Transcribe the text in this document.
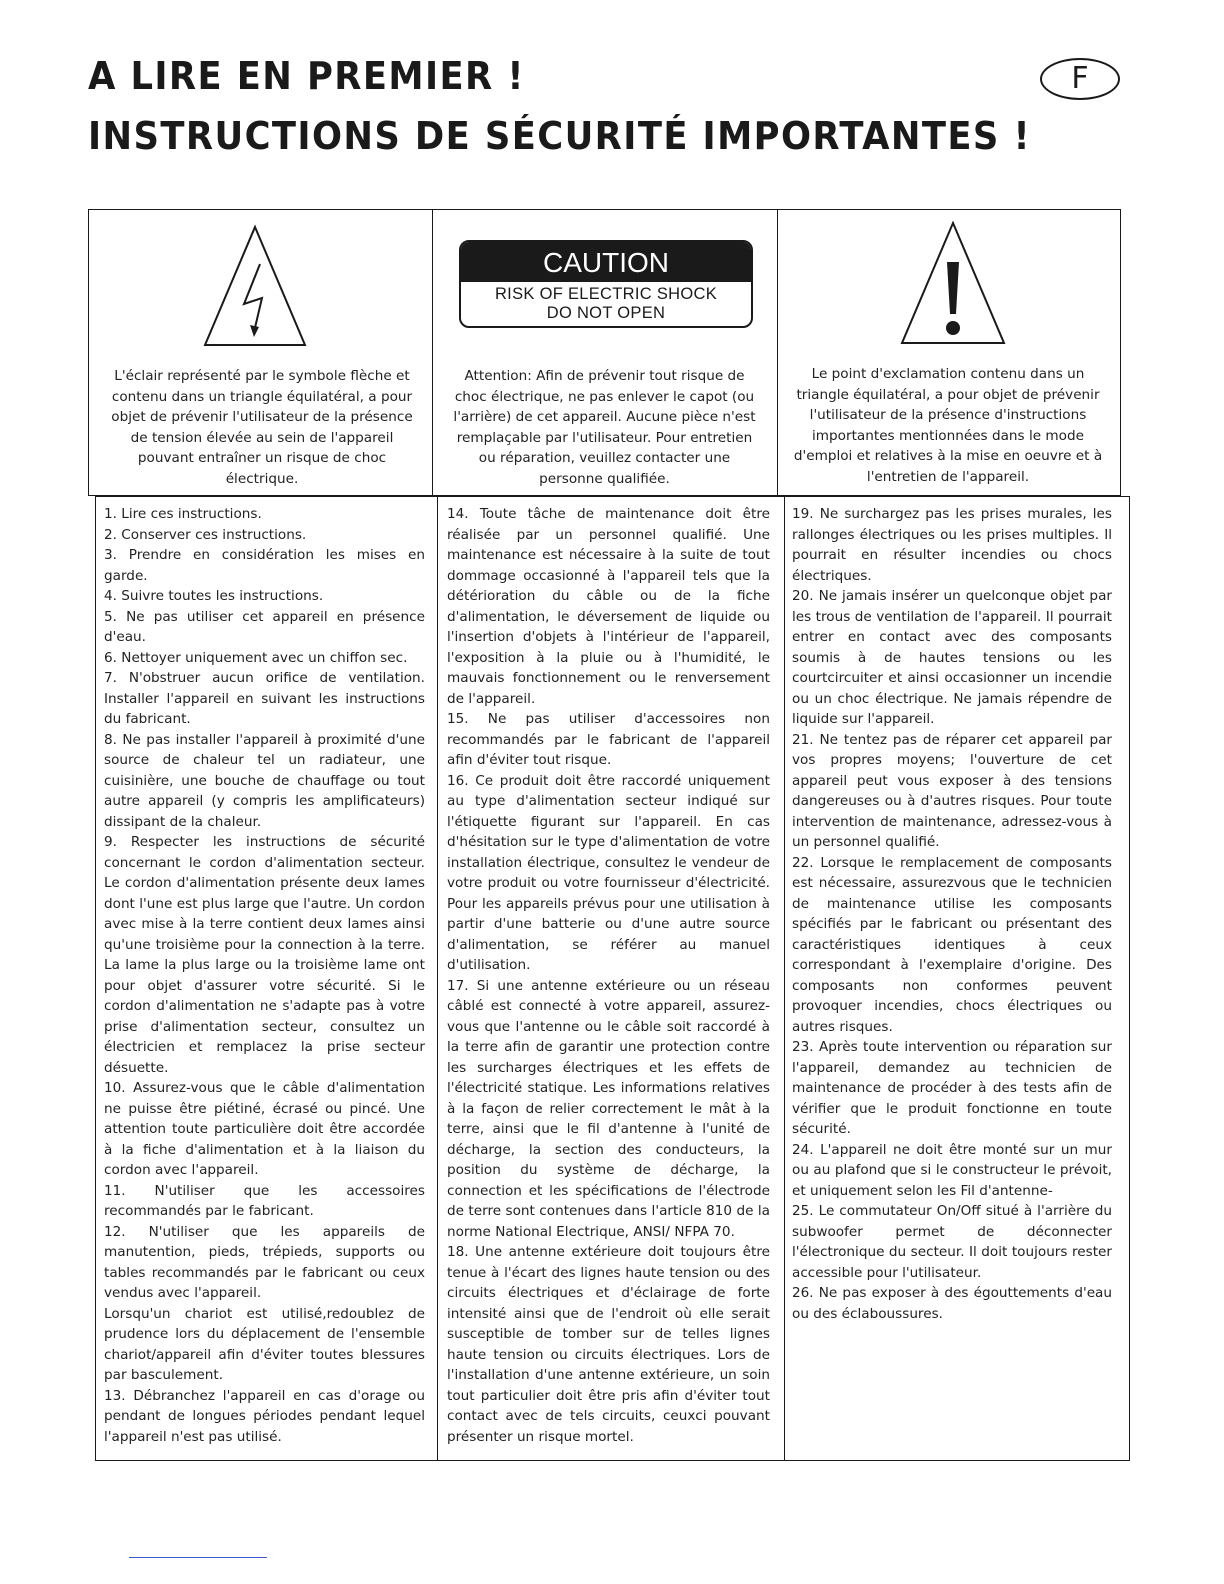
A LIRE EN PREMIER !
INSTRUCTIONS DE SÉCURITÉ IMPORTANTES !
F
L'éclair représenté par le symbole flèche et contenu dans un triangle équilatéral, a pour objet de prévenir l'utilisateur de la présence de tension élevée au sein de l'appareil pouvant entraîner un risque de choc électrique.
CAUTION
RISK OF ELECTRIC SHOCK
DO NOT OPEN
Attention: Afin de prévenir tout risque de choc électrique, ne pas enlever le capot (ou l'arrière) de cet appareil. Aucune pièce n'est remplaçable par l'utilisateur. Pour entretien ou réparation, veuillez contacter une personne qualifiée.
Le point d'exclamation contenu dans un triangle équilatéral, a pour objet de prévenir l'utilisateur de la présence d'instructions importantes mentionnées dans le mode d'emploi et relatives à la mise en oeuvre et à l'entretien de l'appareil.

1. Lire ces instructions.

2. Conserver ces instructions.

3. Prendre en considération les mises en garde.

4. Suivre toutes les instructions.

5. Ne pas utiliser cet appareil en présence d'eau.

6. Nettoyer uniquement avec un chiffon sec.

7. N'obstruer aucun orifice de ventilation. Installer l'appareil en suivant les instructions du fabricant.

8. Ne pas installer l'appareil à proximité d'une source de chaleur tel un radiateur, une cuisinière, une bouche de chauffage ou tout autre appareil (y compris les amplificateurs) dissipant de la chaleur.

9. Respecter les instructions de sécurité concernant le cordon d'alimentation secteur. Le cordon d'alimentation présente deux lames dont l'une est plus large que l'autre. Un cordon avec mise à la terre contient deux lames ainsi qu'une troisième pour la connection à la terre. La lame la plus large ou la troisième lame ont pour objet d'assurer votre sécurité. Si le cordon d'alimentation ne s'adapte pas à votre prise d'alimentation secteur, consultez un électricien et remplacez la prise secteur désuette.

10. Assurez-vous que le câble d'alimentation ne puisse être piétiné, écrasé ou pincé. Une attention toute particulière doit être accordée à la fiche d'alimentation et à la liaison du cordon avec l'appareil.

11. N'utiliser que les accessoires recommandés par le fabricant.

12. N'utiliser que les appareils de manutention, pieds, trépieds, supports ou tables recommandés par le fabricant ou ceux vendus avec l'appareil.

Lorsqu'un chariot est utilisé,redoublez de prudence lors du déplacement de l'ensemble chariot/appareil afin d'éviter toutes blessures par basculement.

13. Débranchez l'appareil en cas d'orage ou pendant de longues périodes pendant lequel l'appareil n'est pas utilisé.

14. Toute tâche de maintenance doit être réalisée par un personnel qualifié. Une maintenance est nécessaire à la suite de tout dommage occasionné à l'appareil tels que la détérioration du câble ou de la fiche d'alimentation, le déversement de liquide ou l'insertion d'objets à l'intérieur de l'appareil, l'exposition à la pluie ou à l'humidité, le mauvais fonctionnement ou le renversement de l'appareil.

15. Ne pas utiliser d'accessoires non recommandés par le fabricant de l'appareil afin d'éviter tout risque.

16. Ce produit doit être raccordé uniquement au type d'alimentation secteur indiqué sur l'étiquette figurant sur l'appareil. En cas d'hésitation sur le type d'alimentation de votre installation électrique, consultez le vendeur de votre produit ou votre fournisseur d'électricité. Pour les appareils prévus pour une utilisation à partir d'une batterie ou d'une autre source d'alimentation, se référer au manuel d'utilisation.

17. Si une antenne extérieure ou un réseau câblé est connecté à votre appareil, assurez-vous que l'antenne ou le câble soit raccordé à la terre afin de garantir une protection contre les surcharges électriques et les effets de l'électricité statique. Les informations relatives à la façon de relier correctement le mât à la terre, ainsi que le fil d'antenne à l'unité de décharge, la section des conducteurs, la position du système de décharge, la connection et les spécifications de l'électrode de terre sont contenues dans l'article 810 de la norme National Electrique, ANSI/ NFPA 70.

18. Une antenne extérieure doit toujours être tenue à l'écart des lignes haute tension ou des circuits électriques et d'éclairage de forte intensité ainsi que de l'endroit où elle serait susceptible de tomber sur de telles lignes haute tension ou circuits électriques. Lors de l'installation d'une antenne extérieure, un soin tout particulier doit être pris afin d'éviter tout contact avec de tels circuits, ceuxci pouvant présenter un risque mortel.

19. Ne surchargez pas les prises murales, les rallonges électriques ou les prises multiples. Il pourrait en résulter incendies ou chocs électriques.

20. Ne jamais insérer un quelconque objet par les trous de ventilation de l'appareil. Il pourrait entrer en contact avec des composants soumis à de hautes tensions ou les courtcircuiter et ainsi occasionner un incendie ou un choc électrique. Ne jamais répendre de liquide sur l'appareil.

21. Ne tentez pas de réparer cet appareil par vos propres moyens; l'ouverture de cet appareil peut vous exposer à des tensions dangereuses ou à d'autres risques. Pour toute intervention de maintenance, adressez-vous à un personnel qualifié.

22. Lorsque le remplacement de composants est nécessaire, assurezvous que le technicien de maintenance utilise les composants spécifiés par le fabricant ou présentant des caractéristiques identiques à ceux correspondant à l'exemplaire d'origine. Des composants non conformes peuvent provoquer incendies, chocs électriques ou autres risques.

23. Après toute intervention ou réparation sur l'appareil, demandez au technicien de maintenance de procéder à des tests afin de vérifier que le produit fonctionne en toute sécurité.

24. L'appareil ne doit être monté sur un mur ou au plafond que si le constructeur le prévoit, et uniquement selon les Fil d'antenne-

25. Le commutateur On/Off situé à l'arrière du subwoofer permet de déconnecter l'électronique du secteur. Il doit toujours rester accessible pour l'utilisateur.

26. Ne pas exposer à des égouttements d'eau ou des éclaboussures.
